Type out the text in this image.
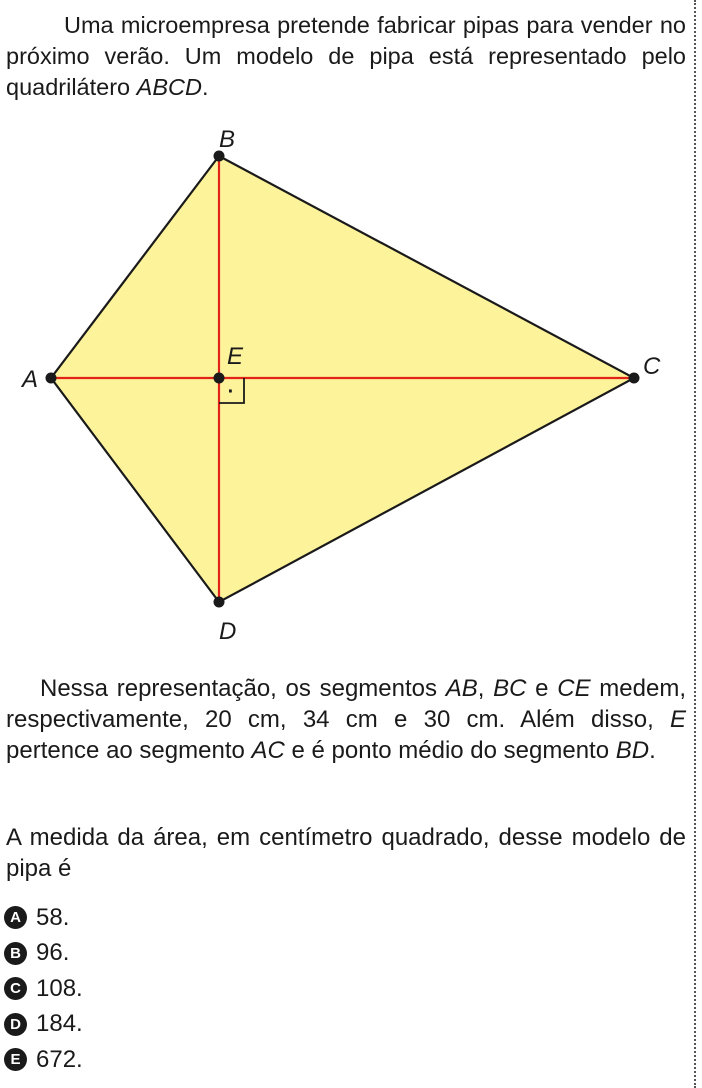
Uma microempresa pretende fabricar pipas para vender no próximo verão. Um modelo de pipa está representado pelo quadrilátero ABCD.

·
B
C
D
A
E

Nessa representação, os segmentos AB, BC e CE medem, respectivamente, 20 cm, 34 cm e 30 cm. Além disso, E pertence ao segmento AC e é ponto médio do segmento BD.

A medida da área, em centímetro quadrado, desse modelo de pipa é

A 58.
B 96.
C 108.
D 184.
E 672.
